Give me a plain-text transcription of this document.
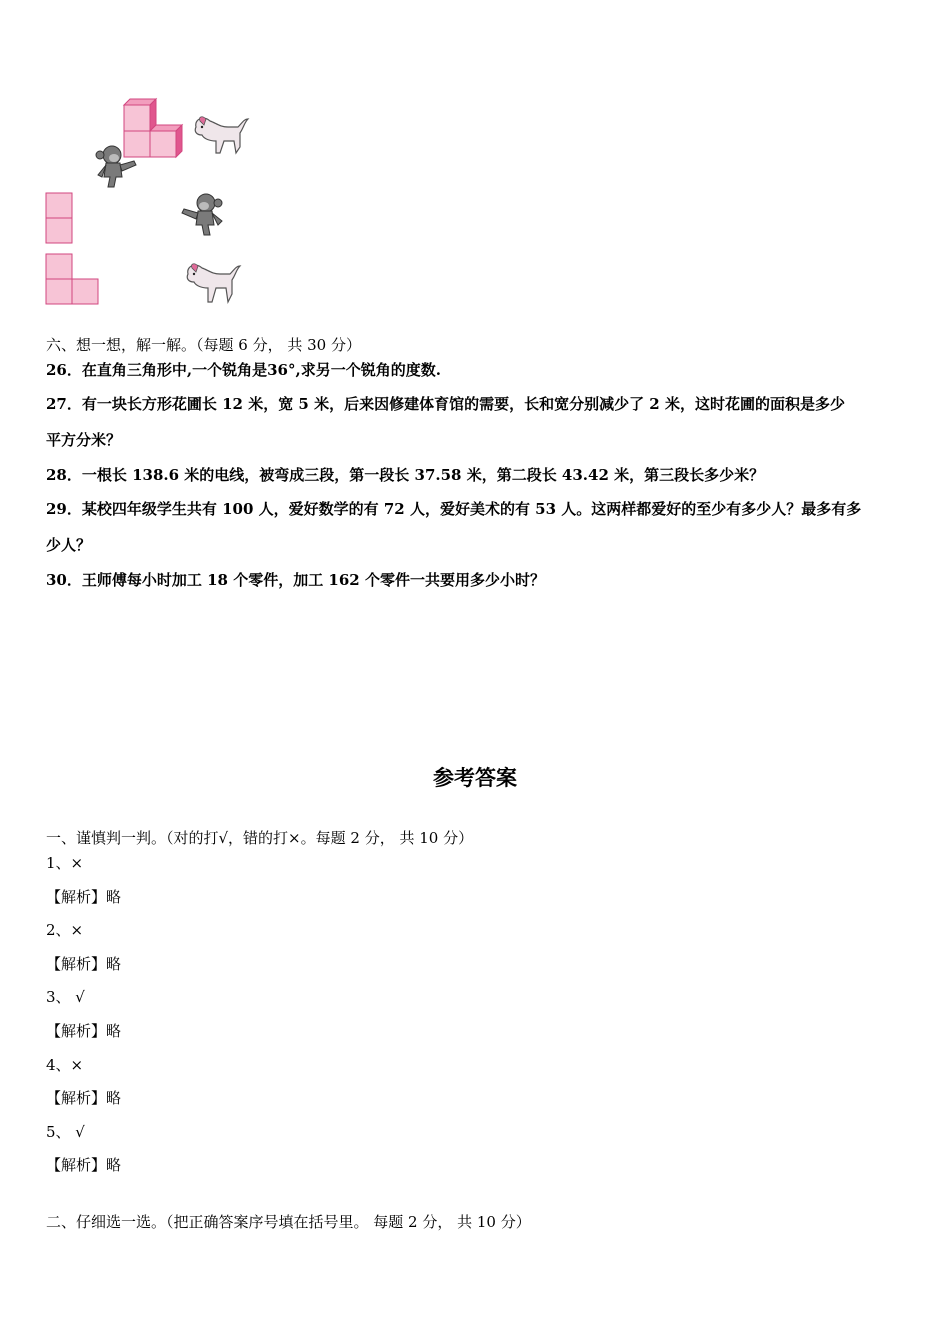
六、想一想，解一解。（每题 6 分， 共 30 分）
26．在直角三角形中,一个锐角是36°,求另一个锐角的度数.
27．有一块长方形花圃长 12 米，宽 5 米，后来因修建体育馆的需要，长和宽分别减少了 2 米，这时花圃的面积是多少
平方分米？
28．一根长 138.6 米的电线，被弯成三段，第一段长 37.58 米，第二段长 43.42 米，第三段长多少米？
29．某校四年级学生共有 100 人，爱好数学的有 72 人，爱好美术的有 53 人。这两样都爱好的至少有多少人？最多有多
少人？
30．王师傅每小时加工 18 个零件，加工 162 个零件一共要用多少小时？
参考答案
一、谨慎判一判。（对的打√，错的打×。每题 2 分， 共 10 分）
1、×
【解析】略
2、×
【解析】略
3、 √
【解析】略
4、×
【解析】略
5、 √
【解析】略
二、仔细选一选。（把正确答案序号填在括号里。 每题 2 分， 共 10 分）
